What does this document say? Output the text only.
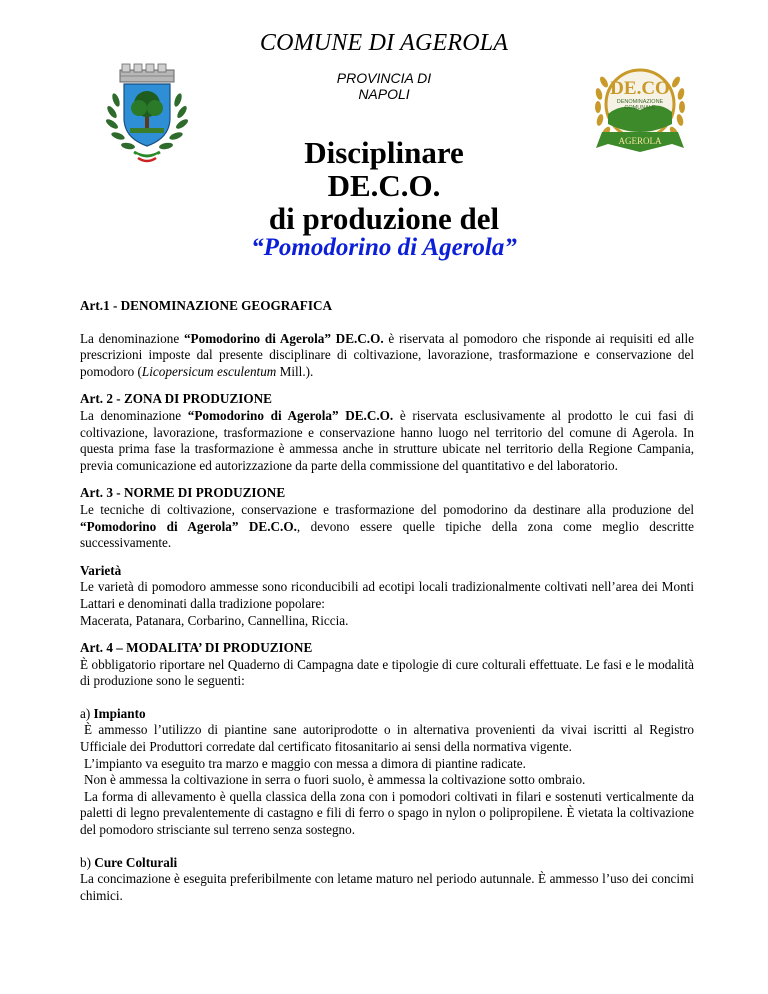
COMUNE DI AGEROLA
PROVINCIA DI
NAPOLI	DE.CO
DENOMINAZIONE
COMUNALE
AGEROLA
Disciplinare
DE.C.O.
di produzione del
“Pomodorino di Agerola”

Art.1 - DENOMINAZIONE GEOGRAFICA

La denominazione “Pomodorino di Agerola” DE.C.O. è riservata al pomodoro che risponde ai requisiti ed alle prescrizioni imposte dal presente disciplinare di coltivazione, lavorazione, trasformazione e conservazione del pomodoro (Licopersicum esculentum Mill.).

Art. 2 - ZONA DI PRODUZIONE

La denominazione “Pomodorino di Agerola” DE.C.O. è riservata esclusivamente al prodotto le cui fasi di coltivazione, lavorazione, trasformazione e conservazione hanno luogo nel territorio del comune di Agerola. In questa prima fase la trasformazione è ammessa anche in strutture ubicate nel territorio della Regione Campania, previa comunicazione ed autorizzazione da parte della commissione del quantitativo e del laboratorio.

Art. 3 - NORME DI PRODUZIONE

Le tecniche di coltivazione, conservazione e trasformazione del pomodorino da destinare alla produzione del “Pomodorino di Agerola” DE.C.O., devono essere quelle tipiche della zona come meglio descritte successivamente.

Varietà

Le varietà di pomodoro ammesse sono riconducibili ad ecotipi locali tradizionalmente coltivati nell’area dei Monti Lattari e denominati dalla tradizione popolare:

Macerata, Patanara, Corbarino, Cannellina, Riccia.

Art. 4 – MODALITA’ DI PRODUZIONE

È obbligatorio riportare nel Quaderno di Campagna date e tipologie di cure colturali effettuate. Le fasi e le modalità di produzione sono le seguenti:

a) Impianto

È ammesso l’utilizzo di piantine sane autoriprodotte o in alternativa provenienti da vivai iscritti al Registro Ufficiale dei Produttori corredate dal certificato fitosanitario ai sensi della normativa vigente.

L’impianto va eseguito tra marzo e maggio con messa a dimora di piantine radicate.

Non è ammessa la coltivazione in serra o fuori suolo, è ammessa la coltivazione sotto ombraio.

La forma di allevamento è quella classica della zona con i pomodori coltivati in filari e sostenuti verticalmente da paletti di legno prevalentemente di castagno e fili di ferro o spago in nylon o polipropilene. È vietata la coltivazione del pomodoro strisciante sul terreno senza sostegno.

b) Cure Colturali

La concimazione è eseguita preferibilmente con letame maturo nel periodo autunnale. È ammesso l’uso dei concimi chimici.
